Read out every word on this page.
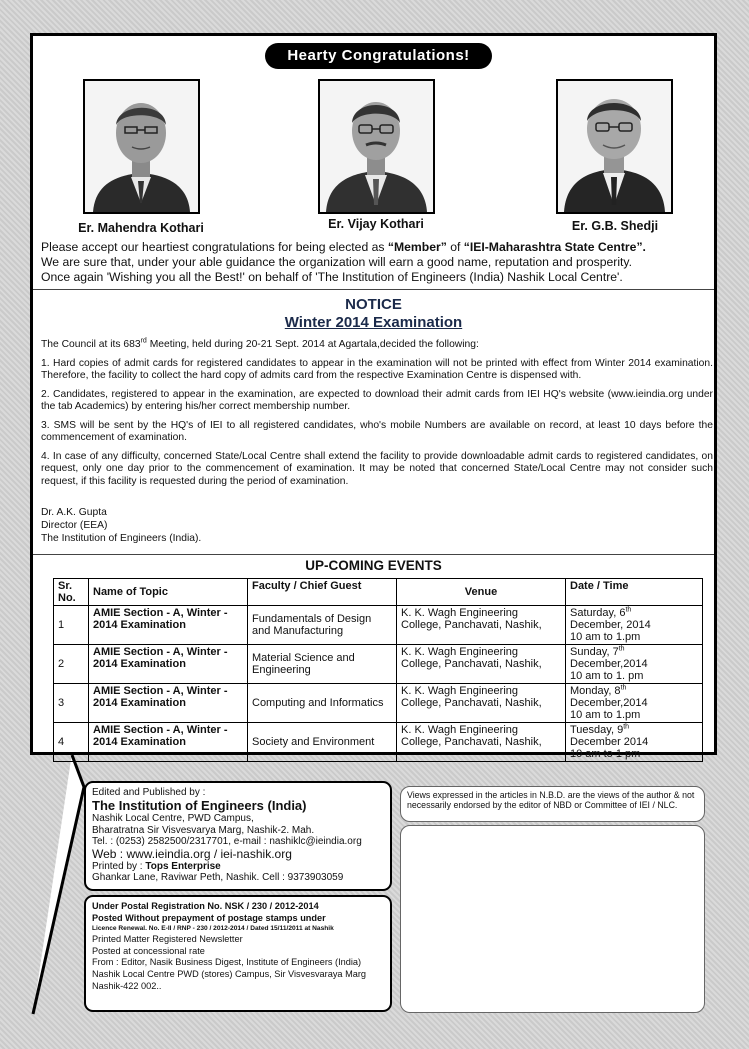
Hearty Congratulations!
Er. Mahendra Kothari	Er. Vijay Kothari	Er. G.B. Shedji
Please accept our heartiest congratulations for being elected as “Member” of “IEI-Maharashtra State Centre”.
We are sure that, under your able guidance the organization will earn a good name, reputation and prosperity.
Once again 'Wishing you all the Best!' on behalf of 'The Institution of Engineers (India) Nashik Local Centre'.
NOTICE
Winter 2014 Examination

The Council at its 683rd Meeting, held during 20-21 Sept. 2014 at Agartala,decided the following:

1. Hard copies of admit cards for registered candidates to appear in the examination will not be printed with effect from Winter 2014 examination. Therefore, the facility to collect the hard copy of admits card from the respective Examination Centre is dispensed with.

2. Candidates, registered to appear in the examination, are expected to download their admit cards from IEI HQ's website (www.ieindia.org under the tab Academics) by entering his/her correct membership number.

3. SMS will be sent by the HQ's of IEI to all registered candidates, who's mobile Numbers are available on record, at least 10 days before the commencement of examination.

4. In case of any difficulty, concerned State/Local Centre shall extend the facility to provide downloadable admit cards to registered candidates, on request, only one day prior to the commencement of examination. It may be noted that concerned State/Local Centre may not consider such request, if this facility is requested during the period of examination.

Dr. A.K. Gupta
Director (EEA)
The Institution of Engineers (India).
UP-COMING EVENTS
Sr. No.	Name of Topic	Faculty / Chief Guest	Venue	Date / Time
1	AMIE Section - A, Winter - 2014 Examination	Fundamentals of Design and Manufacturing	K. K. Wagh Engineering College, Panchavati, Nashik,	Saturday, 6th
December, 2014
10 am to 1.pm
2	AMIE Section - A, Winter - 2014 Examination	Material Science and Engineering	K. K. Wagh Engineering College, Panchavati, Nashik,	Sunday, 7th
December,2014
10 am to 1. pm
3	AMIE Section - A, Winter - 2014 Examination	Computing and Informatics	K. K. Wagh Engineering College, Panchavati, Nashik,	Monday, 8th
December,2014
10 am to 1.pm
4	AMIE Section - A, Winter - 2014 Examination	Society and Environment	K. K. Wagh Engineering College, Panchavati, Nashik,	Tuesday, 9th
December 2014
10 am to 1 pm
Edited and Published by :
The Institution of Engineers (India)
Nashik Local Centre, PWD Campus,
Bharatratna Sir Visvesvarya Marg, Nashik-2. Mah.
Tel. : (0253) 2582500/2317701, e-mail : nashiklc@ieindia.org
Web : www.ieindia.org / iei-nashik.org
Printed by : Tops Enterprise
Ghankar Lane, Raviwar Peth, Nashik. Cell : 9373903059
Under Postal Registration No. NSK / 230 / 2012-2014
Posted Without prepayment of postage stamps under
Licence Renewal. No. E-II / RNP - 230 / 2012-2014 / Dated 15/11/2011 at Nashik
Printed Matter Registered Newsletter
Posted at concessional rate
From : Editor, Nasik Business Digest, Institute of Engineers (India)
Nashik Local Centre PWD (stores) Campus, Sir Visvesvaraya Marg
Nashik-422 002..
Views expressed in the articles in N.B.D. are the views of the author & not necessarily endorsed by the editor of NBD or Committee of IEI / NLC.
